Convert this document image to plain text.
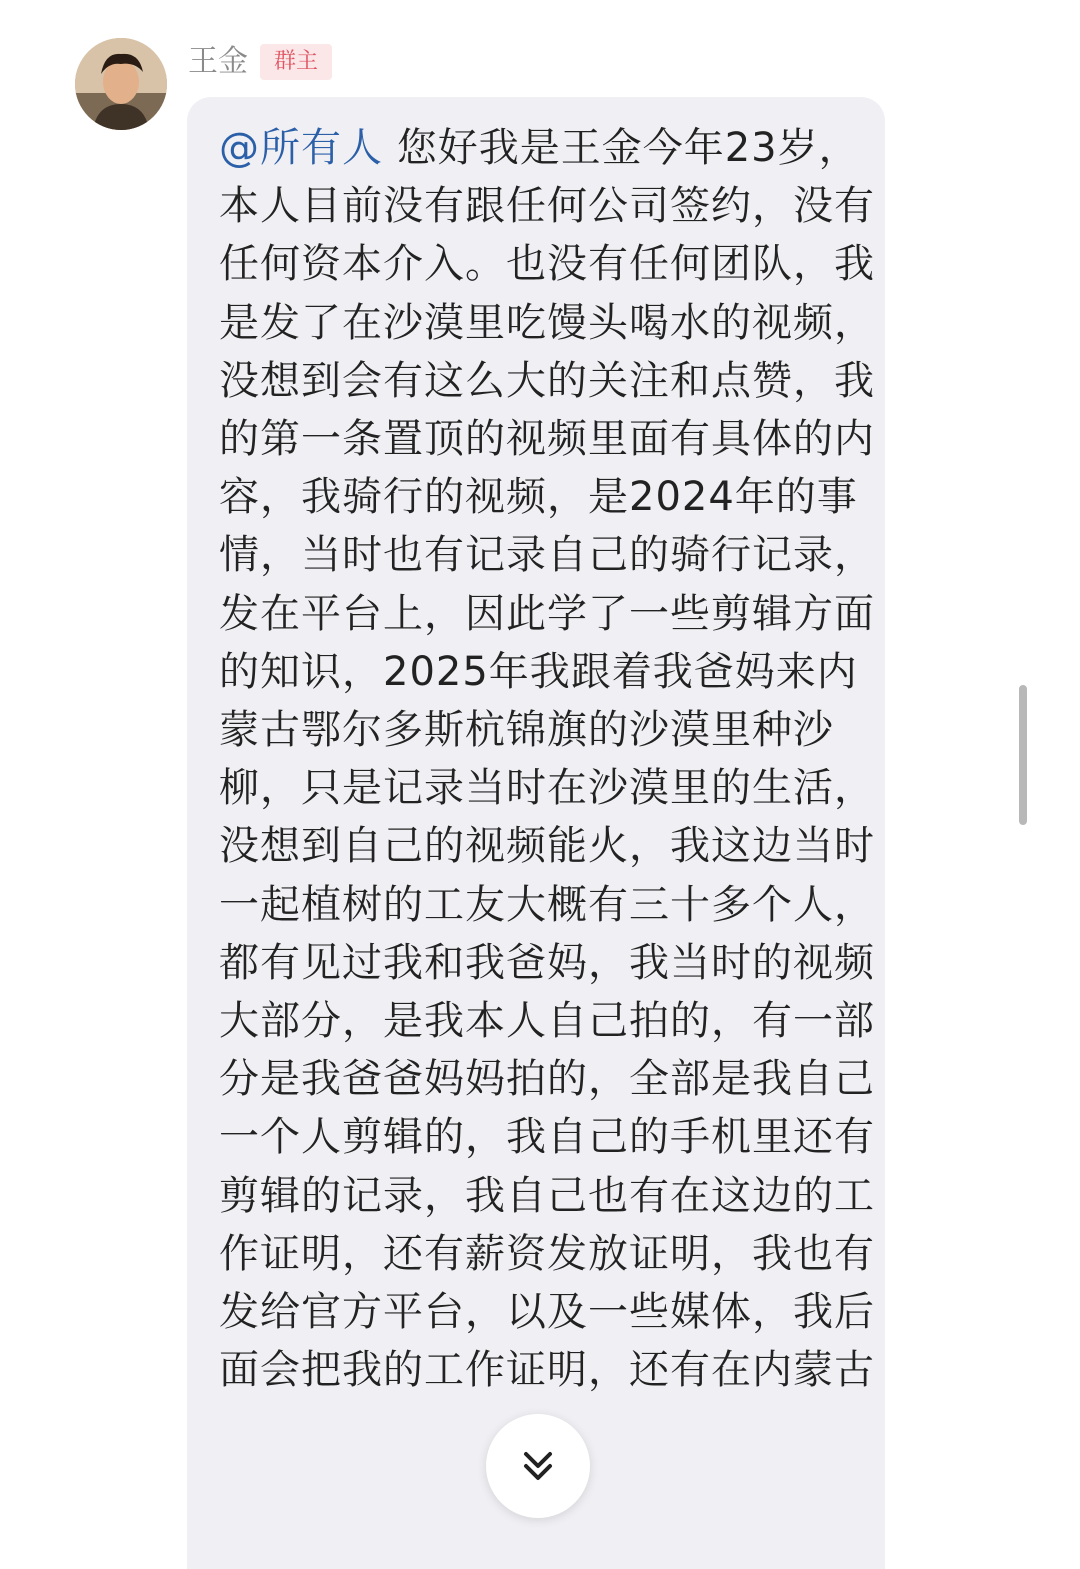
王金	群主

@所有人 您好我是王金今年23岁，本人目前没有跟任何公司签约，没有任何资本介入。也没有任何团队，我是发了在沙漠里吃馒头喝水的视频，没想到会有这么大的关注和点赞，我的第一条置顶的视频里面有具体的内容，我骑行的视频，是2024年的事情，当时也有记录自己的骑行记录，发在平台上，因此学了一些剪辑方面的知识，2025年我跟着我爸妈来内蒙古鄂尔多斯杭锦旗的沙漠里种沙柳，只是记录当时在沙漠里的生活，没想到自己的视频能火，我这边当时一起植树的工友大概有三十多个人，都有见过我和我爸妈，我当时的视频大部分，是我本人自己拍的，有一部分是我爸爸妈妈拍的，全部是我自己一个人剪辑的，我自己的手机里还有剪辑的记录，我自己也有在这边的工作证明，还有薪资发放证明，我也有发给官方平台，以及一些媒体，我后面会把我的工作证明，还有在内蒙古
